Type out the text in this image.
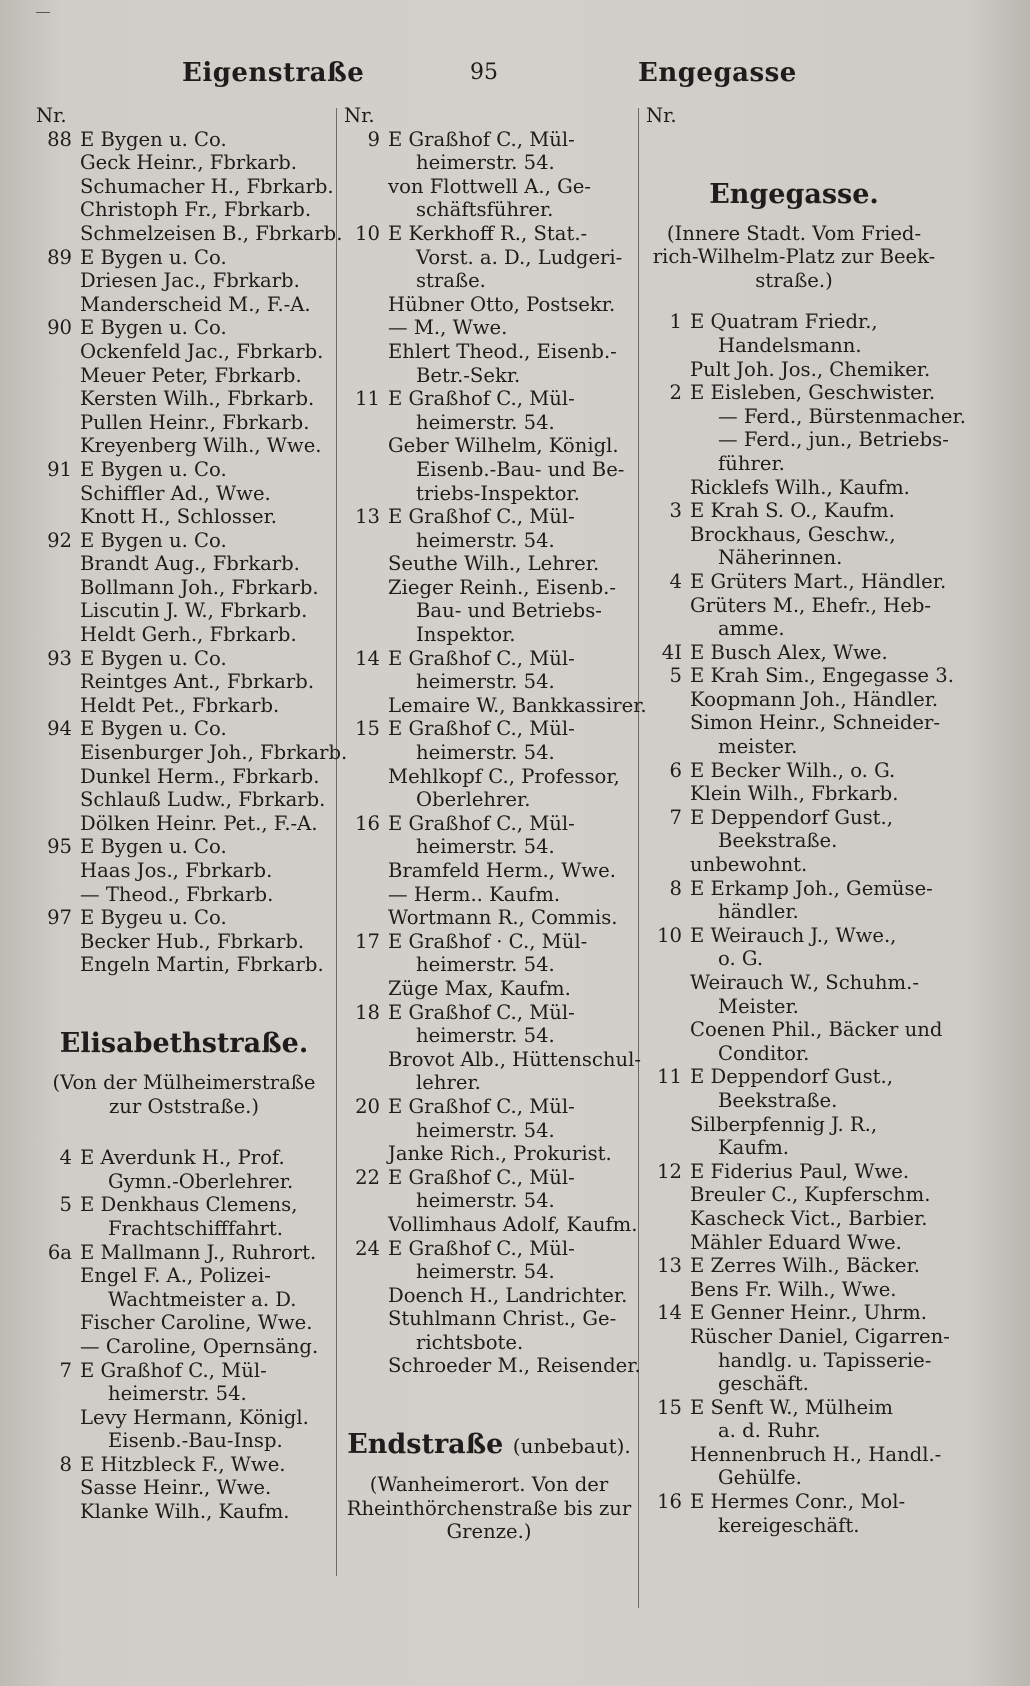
Eigenstraße	95	Engegasse
Nr.
88 E Bygen u. Co.
Geck Heinr., Fbrkarb.
Schumacher H., Fbrkarb.
Christoph Fr., Fbrkarb.
Schmelzeisen B., Fbrkarb.
89 E Bygen u. Co.
Driesen Jac., Fbrkarb.
Manderscheid M., F.-A.
90 E Bygen u. Co.
Ockenfeld Jac., Fbrkarb.
Meuer Peter, Fbrkarb.
Kersten Wilh., Fbrkarb.
Pullen Heinr., Fbrkarb.
Kreyenberg Wilh., Wwe.
91 E Bygen u. Co.
Schiffler Ad., Wwe.
Knott H., Schlosser.
92 E Bygen u. Co.
Brandt Aug., Fbrkarb.
Bollmann Joh., Fbrkarb.
Liscutin J. W., Fbrkarb.
Heldt Gerh., Fbrkarb.
93 E Bygen u. Co.
Reintges Ant., Fbrkarb.
Heldt Pet., Fbrkarb.
94 E Bygen u. Co.
Eisenburger Joh., Fbrkarb.
Dunkel Herm., Fbrkarb.
Schlauß Ludw., Fbrkarb.
Dölken Heinr. Pet., F.-A.
95 E Bygen u. Co.
Haas Jos., Fbrkarb.
— Theod., Fbrkarb.
97 E Bygeu u. Co.
Becker Hub., Fbrkarb.
Engeln Martin, Fbrkarb.
Elisabethstraße.
(Von der Mülheimerstraße
zur Oststraße.)
4 E Averdunk H., Prof.
Gymn.-Oberlehrer.
5 E Denkhaus Clemens,
Frachtschifffahrt.
6a E Mallmann J., Ruhrort.
Engel F. A., Polizei-
Wachtmeister a. D.
Fischer Caroline, Wwe.
— Caroline, Opernsäng.
7 E Graßhof C., Mül-
heimerstr. 54.
Levy Hermann, Königl.
Eisenb.-Bau-Insp.
8 E Hitzbleck F., Wwe.
Sasse Heinr., Wwe.
Klanke Wilh., Kaufm.
Nr.
9 E Graßhof C., Mül-
heimerstr. 54.
von Flottwell A., Ge-
schäftsführer.
10 E Kerkhoff R., Stat.-
Vorst. a. D., Ludgeri-
straße.
Hübner Otto, Postsekr.
— M., Wwe.
Ehlert Theod., Eisenb.-
Betr.-Sekr.
11 E Graßhof C., Mül-
heimerstr. 54.
Geber Wilhelm, Königl.
Eisenb.-Bau- und Be-
triebs-Inspektor.
13 E Graßhof C., Mül-
heimerstr. 54.
Seuthe Wilh., Lehrer.
Zieger Reinh., Eisenb.-
Bau- und Betriebs-
Inspektor.
14 E Graßhof C., Mül-
heimerstr. 54.
Lemaire W., Bankkassirer.
15 E Graßhof C., Mül-
heimerstr. 54.
Mehlkopf C., Professor,
Oberlehrer.
16 E Graßhof C., Mül-
heimerstr. 54.
Bramfeld Herm., Wwe.
— Herm.. Kaufm.
Wortmann R., Commis.
17 E Graßhof · C., Mül-
heimerstr. 54.
Züge Max, Kaufm.
18 E Graßhof C., Mül-
heimerstr. 54.
Brovot Alb., Hüttenschul-
lehrer.
20 E Graßhof C., Mül-
heimerstr. 54.
Janke Rich., Prokurist.
22 E Graßhof C., Mül-
heimerstr. 54.
Vollimhaus Adolf, Kaufm.
24 E Graßhof C., Mül-
heimerstr. 54.
Doench H., Landrichter.
Stuhlmann Christ., Ge-
richtsbote.
Schroeder M., Reisender.
Endstraße (unbebaut).
(Wanheimerort. Von der
Rheinthörchenstraße bis zur
Grenze.)
Nr.
Engegasse.
(Innere Stadt. Vom Fried-
rich-Wilhelm-Platz zur Beek-
straße.)
1 E Quatram Friedr.,
Handelsmann.
Pult Joh. Jos., Chemiker.
2 E Eisleben, Geschwister.
— Ferd., Bürstenmacher.
— Ferd., jun., Betriebs-
führer.
Ricklefs Wilh., Kaufm.
3 E Krah S. O., Kaufm.
Brockhaus, Geschw.,
Näherinnen.
4 E Grüters Mart., Händler.
Grüters M., Ehefr., Heb-
amme.
4I E Busch Alex, Wwe.
5 E Krah Sim., Engegasse 3.
Koopmann Joh., Händler.
Simon Heinr., Schneider-
meister.
6 E Becker Wilh., o. G.
Klein Wilh., Fbrkarb.
7 E Deppendorf Gust.,
Beekstraße.
unbewohnt.
8 E Erkamp Joh., Gemüse-
händler.
10 E Weirauch J., Wwe.,
o. G.
Weirauch W., Schuhm.-
Meister.
Coenen Phil., Bäcker und
Conditor.
11 E Deppendorf Gust.,
Beekstraße.
Silberpfennig J. R.,
Kaufm.
12 E Fiderius Paul, Wwe.
Breuler C., Kupferschm.
Kascheck Vict., Barbier.
Mähler Eduard Wwe.
13 E Zerres Wilh., Bäcker.
Bens Fr. Wilh., Wwe.
14 E Genner Heinr., Uhrm.
Rüscher Daniel, Cigarren-
handlg. u. Tapisserie-
geschäft.
15 E Senft W., Mülheim
a. d. Ruhr.
Hennenbruch H., Handl.-
Gehülfe.
16 E Hermes Conr., Mol-
kereigeschäft.
